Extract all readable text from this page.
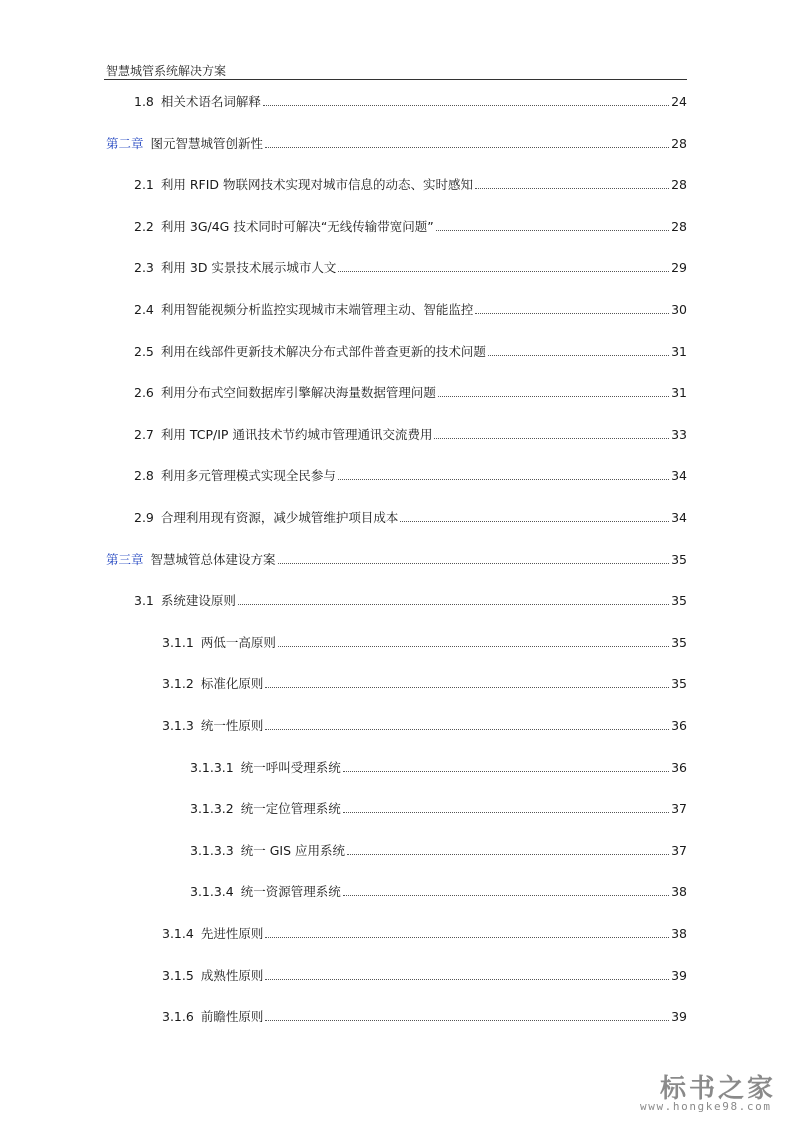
智慧城管系统解决方案
1.8 相关术语名词解释	24
第二章 图元智慧城管创新性	28
2.1 利用 RFID 物联网技术实现对城市信息的动态、实时感知	28
2.2 利用 3G/4G 技术同时可解决“无线传输带宽问题”	28
2.3 利用 3D 实景技术展示城市人文	29
2.4 利用智能视频分析监控实现城市末端管理主动、智能监控	30
2.5 利用在线部件更新技术解决分布式部件普查更新的技术问题	31
2.6 利用分布式空间数据库引擎解决海量数据管理问题	31
2.7 利用 TCP/IP 通讯技术节约城市管理通讯交流费用	33
2.8 利用多元管理模式实现全民参与	34
2.9 合理利用现有资源，减少城管维护项目成本	34
第三章 智慧城管总体建设方案	35
3.1 系统建设原则	35
3.1.1 两低一高原则	35
3.1.2 标准化原则	35
3.1.3 统一性原则	36
3.1.3.1 统一呼叫受理系统	36
3.1.3.2 统一定位管理系统	37
3.1.3.3 统一 GIS 应用系统	37
3.1.3.4 统一资源管理系统	38
3.1.4 先进性原则	38
3.1.5 成熟性原则	39
3.1.6 前瞻性原则	39
标书之家
www.hongke98.com
